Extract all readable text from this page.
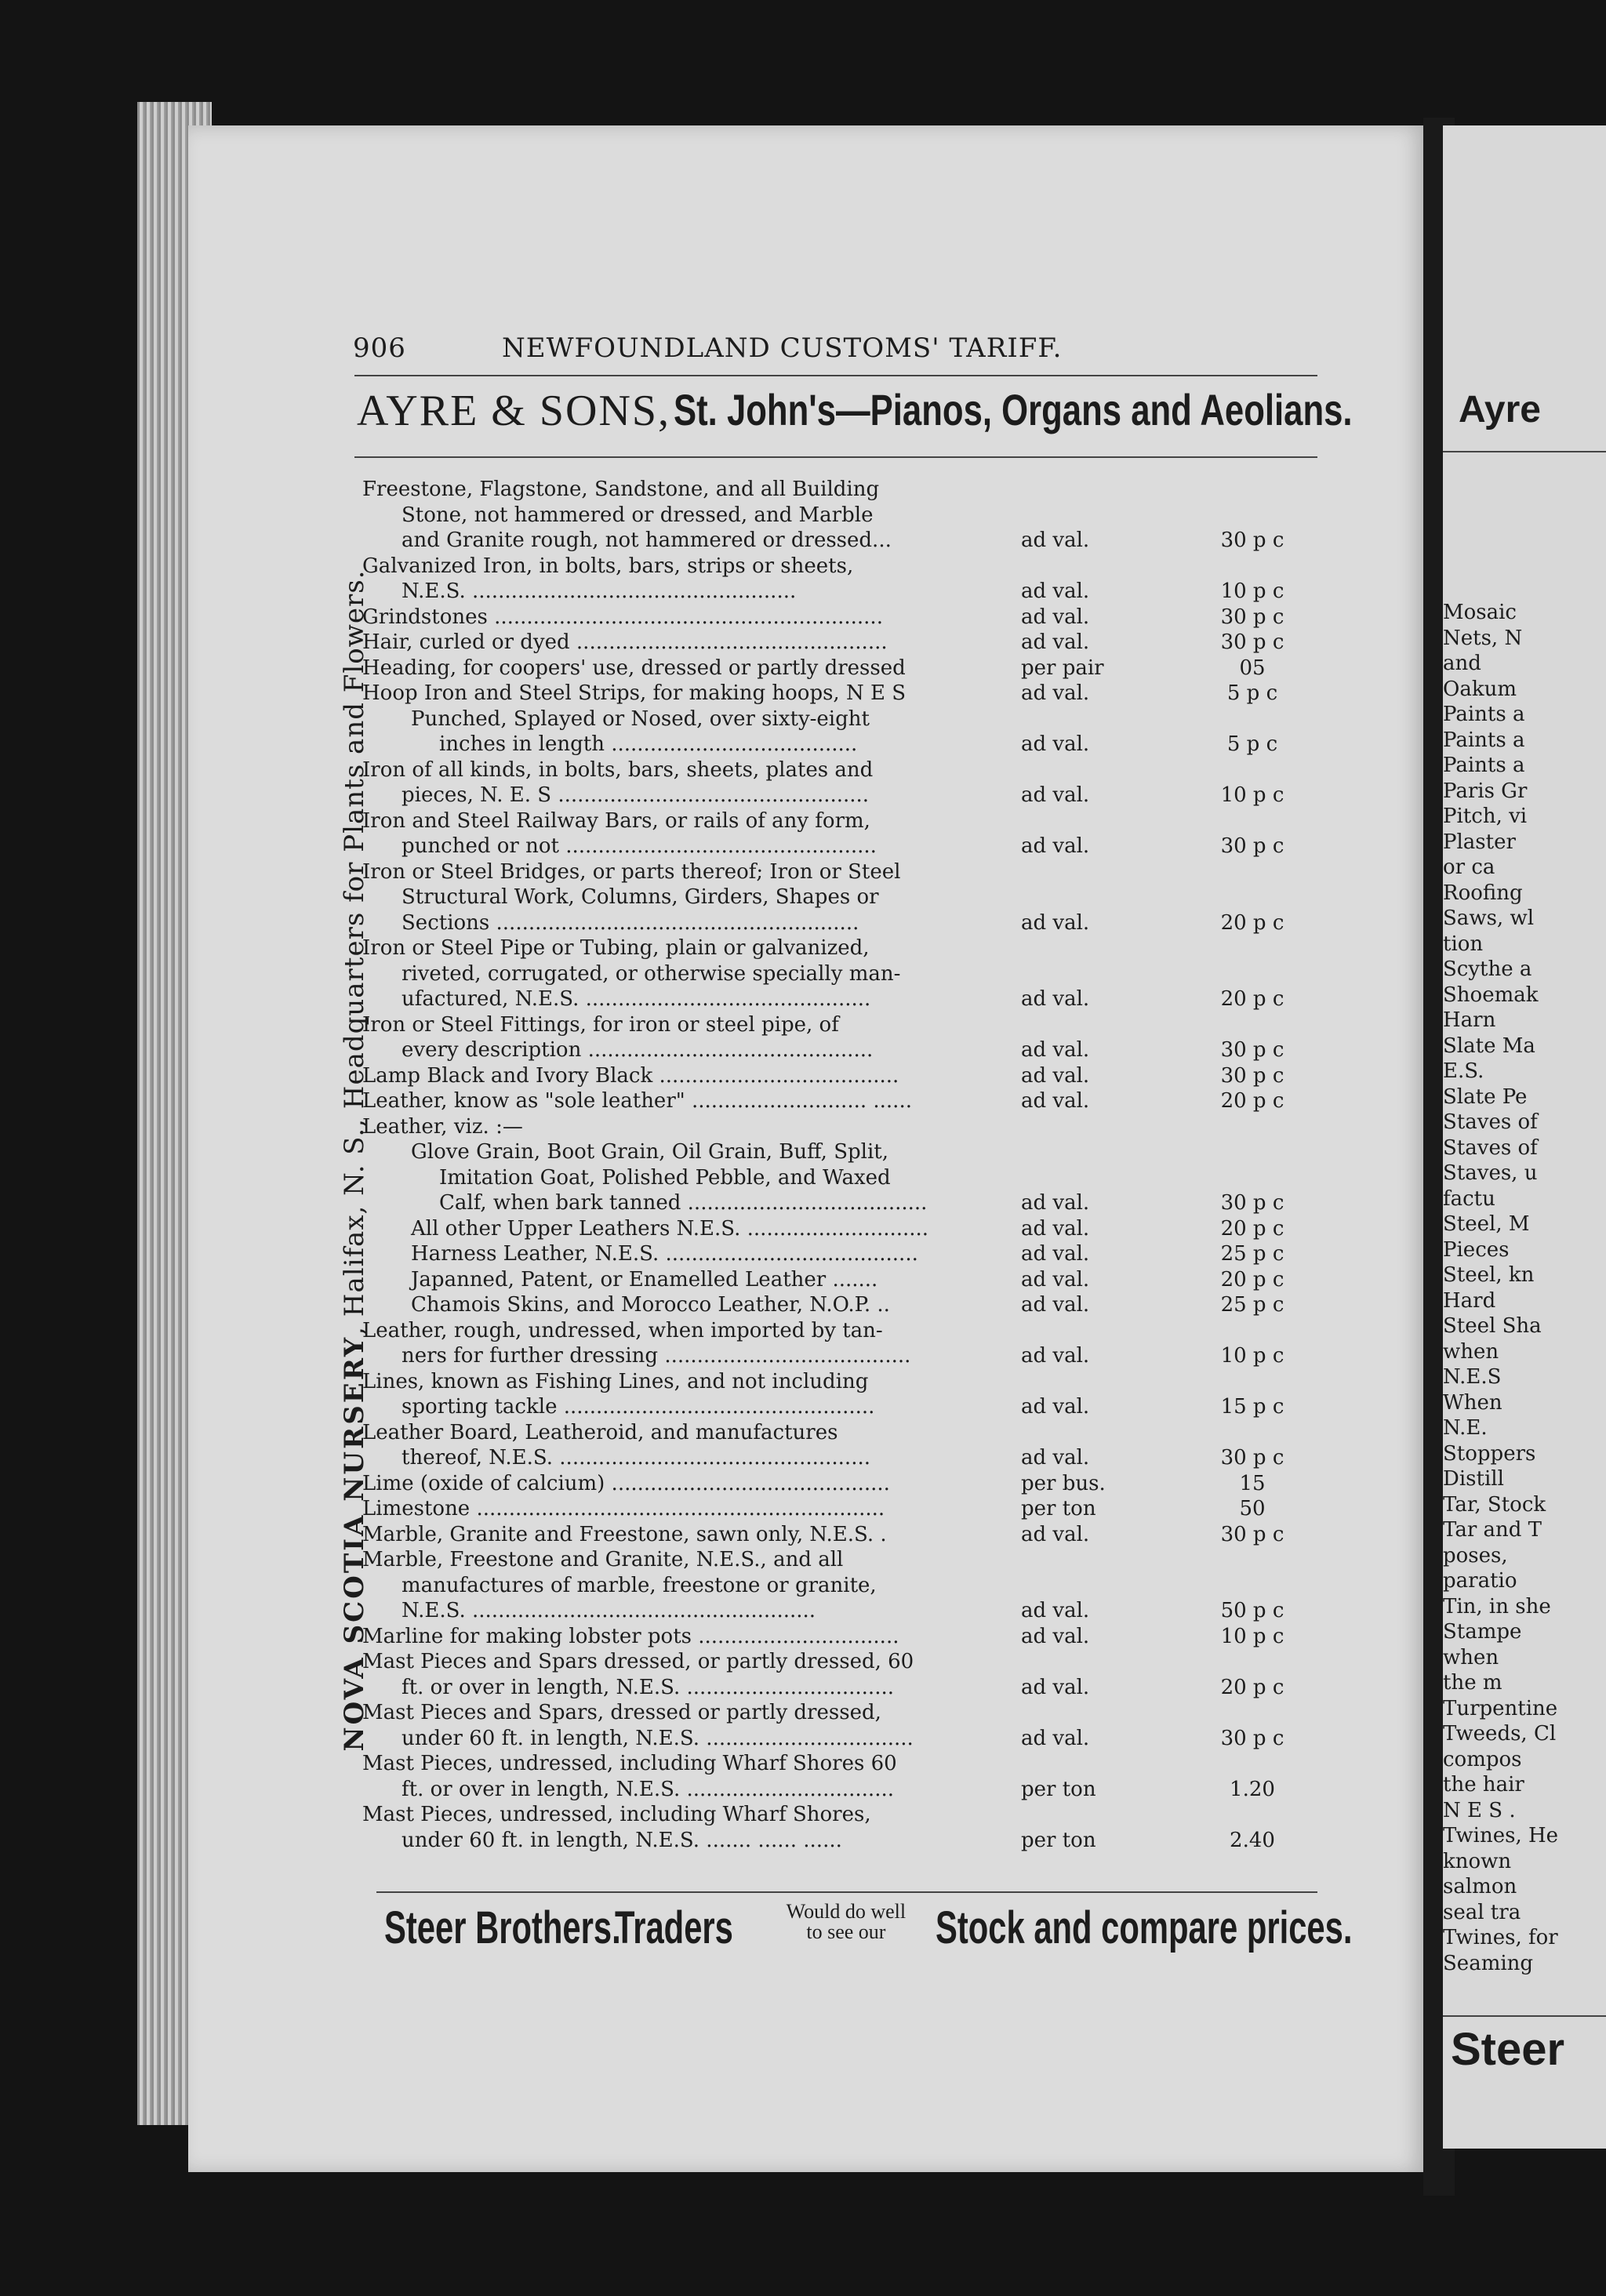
906	NEWFOUNDLAND CUSTOMS' TARIFF.
AYRE & SONS, St. John's—Pianos, Organs and Aeolians.
NOVA SCOTIA NURSERY, Halifax, N. S., Headquarters for Plants and Flowers.
Freestone, Flagstone, Sandstone, and all Building
Stone, not hammered or dressed, and Marble
and Granite rough, not hammered or dressed...	ad val.	30 p c
Galvanized Iron, in bolts, bars, strips or sheets,
N.E.S. ..................................................	ad val.	10 p c
Grindstones ............................................................	ad val.	30 p c
Hair, curled or dyed ................................................	ad val.	30 p c
Heading, for coopers' use, dressed or partly dressed	per pair	05
Hoop Iron and Steel Strips, for making hoops, N E S	ad val.	5 p c
Punched, Splayed or Nosed, over sixty-eight
inches in length ......................................	ad val.	5 p c
Iron of all kinds, in bolts, bars, sheets, plates and
pieces, N. E. S ................................................	ad val.	10 p c
Iron and Steel Railway Bars, or rails of any form,
punched or not ................................................	ad val.	30 p c
Iron or Steel Bridges, or parts thereof; Iron or Steel
Structural Work, Columns, Girders, Shapes or
Sections ........................................................	ad val.	20 p c
Iron or Steel Pipe or Tubing, plain or galvanized,
riveted, corrugated, or otherwise specially man-
ufactured, N.E.S. ............................................	ad val.	20 p c
Iron or Steel Fittings, for iron or steel pipe, of
every description ............................................	ad val.	30 p c
Lamp Black and Ivory Black .....................................	ad val.	30 p c
Leather, know as "sole leather" ........................... ......	ad val.	20 p c
Leather, viz. :—
Glove Grain, Boot Grain, Oil Grain, Buff, Split,
Imitation Goat, Polished Pebble, and Waxed
Calf, when bark tanned .....................................	ad val.	30 p c
All other Upper Leathers N.E.S. ............................	ad val.	20 p c
Harness Leather, N.E.S. .......................................	ad val.	25 p c
Japanned, Patent, or Enamelled Leather .......	ad val.	20 p c
Chamois Skins, and Morocco Leather, N.O.P. ..	ad val.	25 p c
Leather, rough, undressed, when imported by tan-
ners for further dressing ......................................	ad val.	10 p c
Lines, known as Fishing Lines, and not including
sporting tackle ................................................	ad val.	15 p c
Leather Board, Leatheroid, and manufactures
thereof, N.E.S. ................................................	ad val.	30 p c
Lime (oxide of calcium) ...........................................	per bus.	15
Limestone ...............................................................	per ton	50
Marble, Granite and Freestone, sawn only, N.E.S. .	ad val.	30 p c
Marble, Freestone and Granite, N.E.S., and all
manufactures of marble, freestone or granite,
N.E.S. .....................................................	ad val.	50 p c
Marline for making lobster pots ...............................	ad val.	10 p c
Mast Pieces and Spars dressed, or partly dressed, 60
ft. or over in length, N.E.S. ................................	ad val.	20 p c
Mast Pieces and Spars, dressed or partly dressed,
under 60 ft. in length, N.E.S. ................................	ad val.	30 p c
Mast Pieces, undressed, including Wharf Shores 60
ft. or over in length, N.E.S. ................................	per ton	1.20
Mast Pieces, undressed, including Wharf Shores,
under 60 ft. in length, N.E.S. ....... ...... ......	per ton	2.40
Steer Brothers. Traders	Would do well
to see our Stock and compare prices.
Ayre
Mosaic
Nets, N
and
Oakum
Paints a
Paints a
Paints a
Paris Gr
Pitch, vi
Plaster
or ca
Roofing
Saws, wl
tion
Scythe a
Shoemak
Harn
Slate Ma
E.S.
Slate Pe
Staves of
Staves of
Staves, u
factu
Steel, M
Pieces
Steel, kn
Hard
Steel Sha
when
N.E.S
When
N.E.
Stoppers
Distill
Tar, Stock
Tar and T
poses,
paratio
Tin, in she
Stampe
when
the m
Turpentine
Tweeds, Cl
compos
the hair
N E S .
Twines, He
known
salmon
seal tra
Twines, for
Seaming
Steer
